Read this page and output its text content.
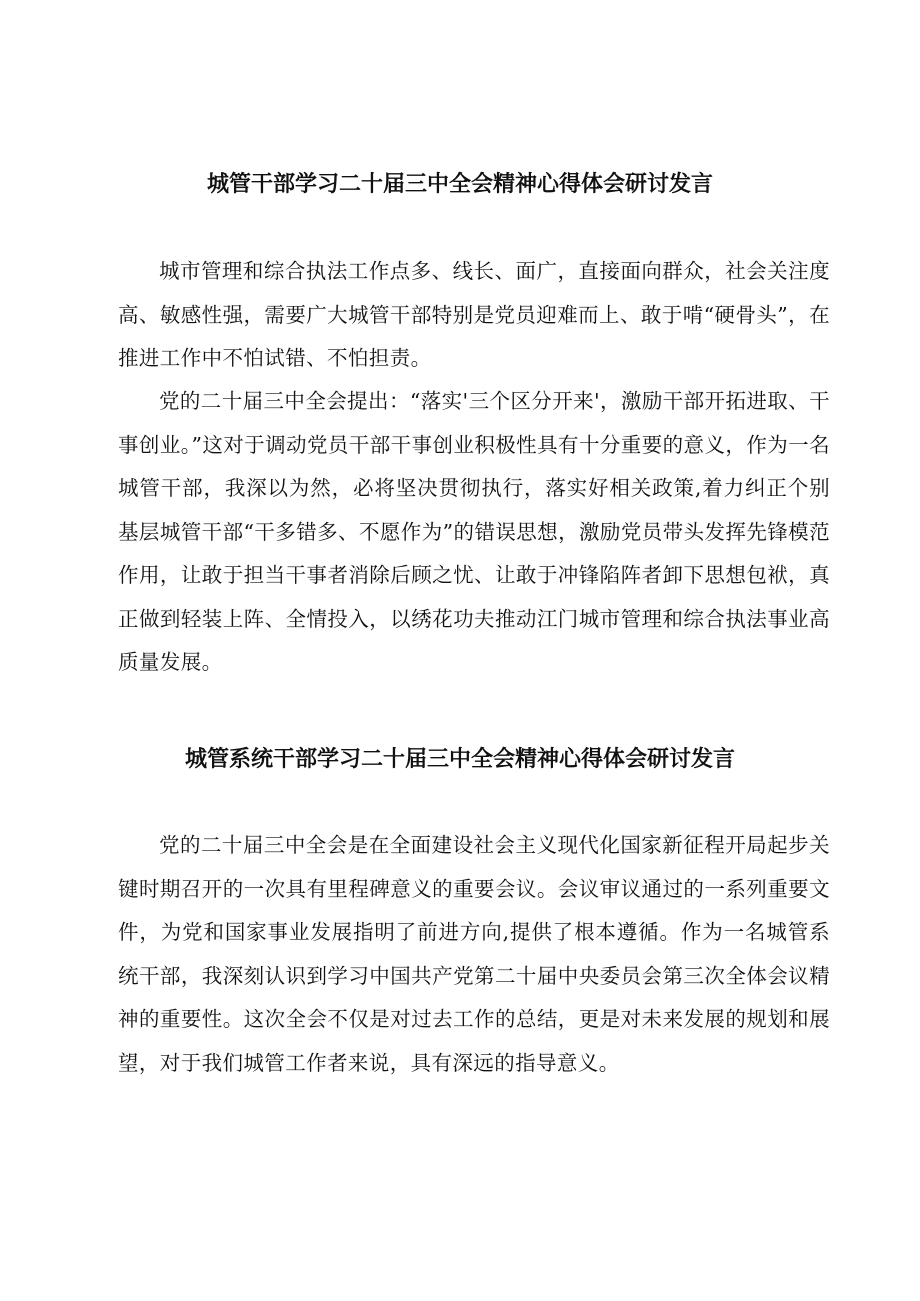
城管干部学习二十届三中全会精神心得体会研讨发言

城市管理和综合执法工作点多、线长、面广，直接面向群众，社会关注度高、敏感性强，需要广大城管干部特别是党员迎难而上、敢于啃“硬骨头”，在推进工作中不怕试错、不怕担责。

党的二十届三中全会提出：“落实'三个区分开来'，激励干部开拓进取、干事创业。”这对于调动党员干部干事创业积极性具有十分重要的意义，作为一名城管干部，我深以为然，必将坚决贯彻执行，落实好相关政策,着力纠正个别基层城管干部“干多错多、不愿作为”的错误思想，激励党员带头发挥先锋模范作用，让敢于担当干事者消除后顾之忧、让敢于冲锋陷阵者卸下思想包袱，真正做到轻装上阵、全情投入，以绣花功夫推动江门城市管理和综合执法事业高质量发展。

城管系统干部学习二十届三中全会精神心得体会研讨发言

党的二十届三中全会是在全面建设社会主义现代化国家新征程开局起步关键时期召开的一次具有里程碑意义的重要会议。会议审议通过的一系列重要文件，为党和国家事业发展指明了前进方向,提供了根本遵循。作为一名城管系统干部，我深刻认识到学习中国共产党第二十届中央委员会第三次全体会议精神的重要性。这次全会不仅是对过去工作的总结，更是对未来发展的规划和展望，对于我们城管工作者来说，具有深远的指导意义。
